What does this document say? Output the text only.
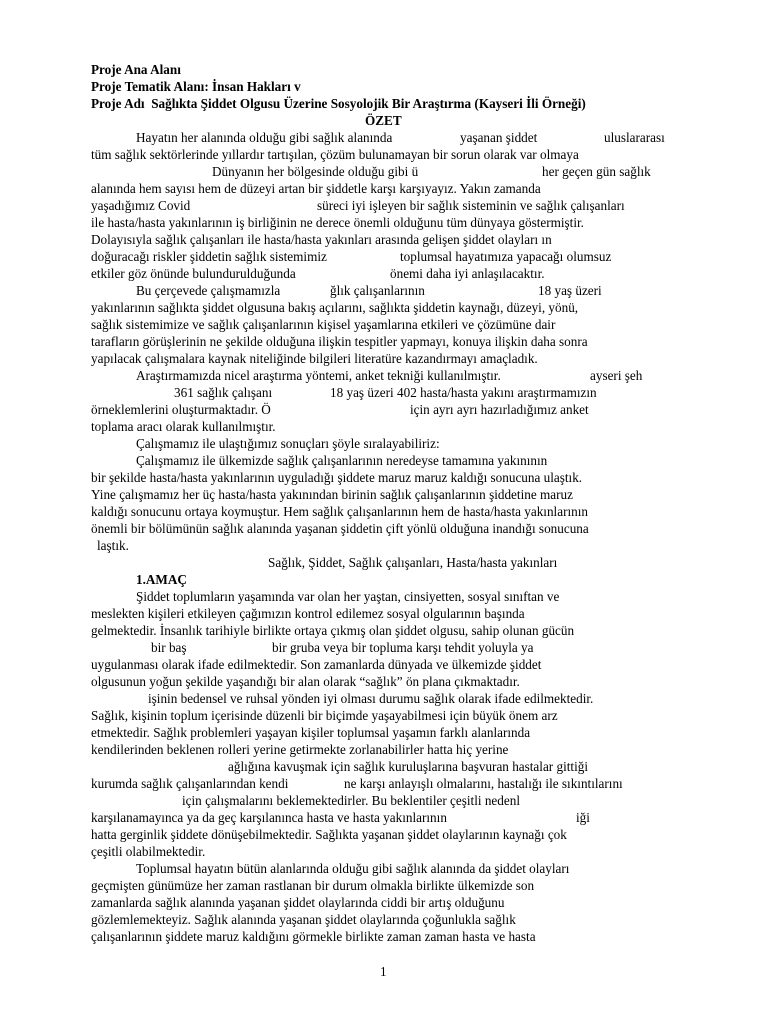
Proje Ana Alanı
Proje Tematik Alanı: İnsan Hakları v
Proje Adı  Sağlıkta Şiddet Olgusu Üzerine Sosyolojik Bir Araştırma (Kayseri İli Örneği)
ÖZET
Hayatın her alanında olduğu gibi sağlık alanında	yaşanan şiddet	uluslararası
tüm sağlık sektörlerinde yıllardır tartışılan, çözüm bulunamayan bir sorun olarak var olmaya
Dünyanın her bölgesinde olduğu gibi ü	her geçen gün sağlık
alanında hem sayısı hem de düzeyi artan bir şiddetle karşı karşıyayız. Yakın zamanda
yaşadığımız Covid	süreci iyi işleyen bir sağlık sisteminin ve sağlık çalışanları
ile hasta/hasta yakınlarının iş birliğinin ne derece önemli olduğunu tüm dünyaya göstermiştir.
Dolayısıyla sağlık çalışanları ile hasta/hasta yakınları arasında gelişen şiddet olayları ın
doğuracağı riskler şiddetin sağlık sistemimiz	toplumsal hayatımıza yapacağı olumsuz
etkiler göz önünde bulundurulduğunda	önemi daha iyi anlaşılacaktır.
Bu çerçevede çalışmamızla	ğlık çalışanlarının	18 yaş üzeri
yakınlarının sağlıkta şiddet olgusuna bakış açılarını, sağlıkta şiddetin kaynağı, düzeyi, yönü,
sağlık sistemimize ve sağlık çalışanlarının kişisel yaşamlarına etkileri ve çözümüne dair
tarafların görüşlerinin ne şekilde olduğuna ilişkin tespitler yapmayı, konuya ilişkin daha sonra
yapılacak çalışmalara kaynak niteliğinde bilgileri literatüre kazandırmayı amaçladık.
Araştırmamızda nicel araştırma yöntemi, anket tekniği kullanılmıştır.	ayseri şeh
361 sağlık çalışanı	18 yaş üzeri 402 hasta/hasta yakını araştırmamızın
örneklemlerini oluşturmaktadır. Ö	için ayrı ayrı hazırladığımız anket
toplama aracı olarak kullanılmıştır.
Çalışmamız ile ulaştığımız sonuçları şöyle sıralayabiliriz:
Çalışmamız ile ülkemizde sağlık çalışanlarının neredeyse tamamına yakınının
bir şekilde hasta/hasta yakınlarının uyguladığı şiddete maruz maruz kaldığı sonucuna ulaştık.
Yine çalışmamız her üç hasta/hasta yakınından birinin sağlık çalışanlarının şiddetine maruz
kaldığı sonucunu ortaya koymuştur. Hem sağlık çalışanlarının hem de hasta/hasta yakınlarının
önemli bir bölümünün sağlık alanında yaşanan şiddetin çift yönlü olduğuna inandığı sonucuna
laştık.
Sağlık, Şiddet, Sağlık çalışanları, Hasta/hasta yakınları
1.AMAÇ
Şiddet toplumların yaşamında var olan her yaştan, cinsiyetten, sosyal sınıftan ve
meslekten kişileri etkileyen çağımızın kontrol edilemez sosyal olgularının başında
gelmektedir. İnsanlık tarihiyle birlikte ortaya çıkmış olan şiddet olgusu, sahip olunan gücün
bir baş	bir gruba veya bir topluma karşı tehdit yoluyla ya
uygulanması olarak ifade edilmektedir. Son zamanlarda dünyada ve ülkemizde şiddet
olgusunun yoğun şekilde yaşandığı bir alan olarak “sağlık” ön plana çıkmaktadır.
işinin bedensel ve ruhsal yönden iyi olması durumu sağlık olarak ifade edilmektedir.
Sağlık, kişinin toplum içerisinde düzenli bir biçimde yaşayabilmesi için büyük önem arz
etmektedir. Sağlık problemleri yaşayan kişiler toplumsal yaşamın farklı alanlarında
kendilerinden beklenen rolleri yerine getirmekte zorlanabilirler hatta hiç yerine
ağlığına kavuşmak için sağlık kuruluşlarına başvuran hastalar gittiği
kurumda sağlık çalışanlarından kendi	ne karşı anlayışlı olmalarını, hastalığı ile sıkıntılarını
için çalışmalarını beklemektedirler. Bu beklentiler çeşitli nedenl
karşılanamayınca ya da geç karşılanınca hasta ve hasta yakınlarının	iği
hatta gerginlik şiddete dönüşebilmektedir. Sağlıkta yaşanan şiddet olaylarının kaynağı çok
çeşitli olabilmektedir.
Toplumsal hayatın bütün alanlarında olduğu gibi sağlık alanında da şiddet olayları
geçmişten günümüze her zaman rastlanan bir durum olmakla birlikte ülkemizde son
zamanlarda sağlık alanında yaşanan şiddet olaylarında ciddi bir artış olduğunu
gözlemlemekteyiz. Sağlık alanında yaşanan şiddet olaylarında çoğunlukla sağlık
çalışanlarının şiddete maruz kaldığını görmekle birlikte zaman zaman hasta ve hasta
1
